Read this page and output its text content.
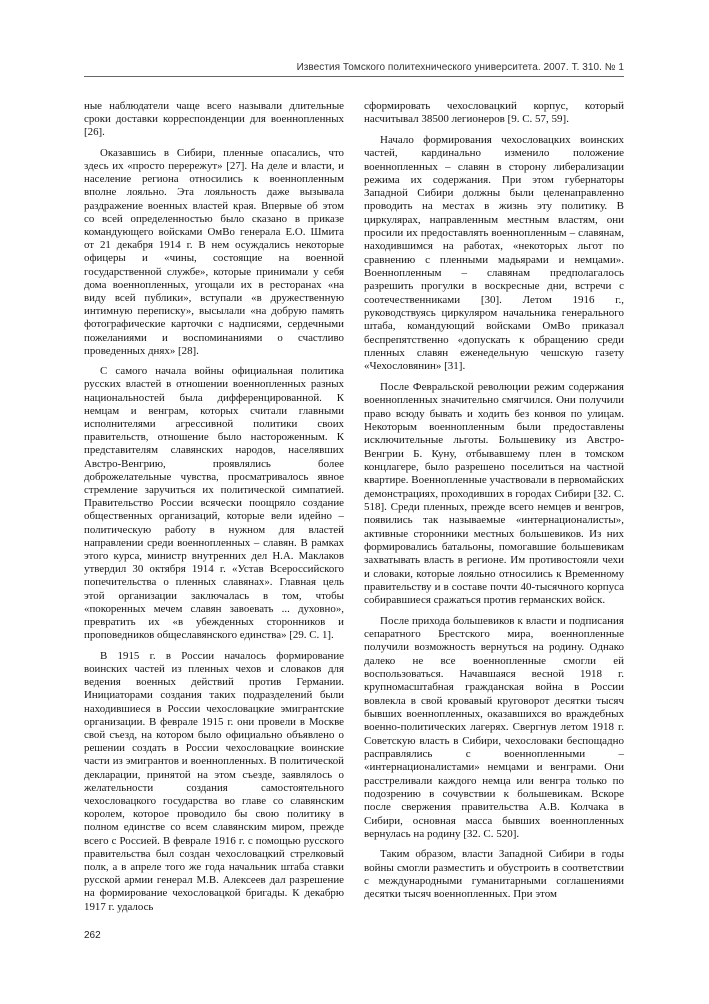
Известия Томского политехнического университета. 2007. Т. 310. № 1

ные наблюдатели чаще всего называли длительные сроки доставки корреспонденции для военнопленных [26].

Оказавшись в Сибири, пленные опасались, что здесь их «просто перережут» [27]. На деле и власти, и население региона относились к военнопленным вполне лояльно. Эта лояльность даже вызывала раздражение военных властей края. Впервые об этом со всей определенностью было сказано в приказе командующего войсками ОмВо генерала Е.О. Шмита от 21 декабря 1914 г. В нем осуждались некоторые офицеры и «чины, состоящие на военной государственной службе», которые принимали у себя дома военнопленных, угощали их в ресторанах «на виду всей публики», вступали «в дружественную интимную переписку», высылали «на добрую память фотографические карточки с надписями, сердечными пожеланиями и воспоминаниями о счастливо проведенных днях» [28].

С самого начала войны официальная политика русских властей в отношении военнопленных разных национальностей была дифференцированной. К немцам и венграм, которых считали главными исполнителями агрессивной политики своих правительств, отношение было настороженным. К представителям славянских народов, населявших Австро-Венгрию, проявлялись более доброжелательные чувства, просматривалось явное стремление заручиться их политической симпатией. Правительство России всячески поощряло создание общественных организаций, которые вели идейно – политическую работу в нужном для властей направлении среди военнопленных – славян. В рамках этого курса, министр внутренних дел Н.А. Маклаков утвердил 30 октября 1914 г. «Устав Всероссийского попечительства о пленных славянах». Главная цель этой организации заключалась в том, чтобы «покоренных мечем славян завоевать ... духовно», превратить их «в убежденных сторонников и проповедников общеславянского единства» [29. С. 1].

В 1915 г. в России началось формирование воинских частей из пленных чехов и словаков для ведения военных действий против Германии. Инициаторами создания таких подразделений были находившиеся в России чехословацкие эмигрантские организации. В феврале 1915 г. они провели в Москве свой съезд, на котором было официально объявлено о решении создать в России чехословацкие воинские части из эмигрантов и военнопленных. В политической декларации, принятой на этом съезде, заявлялось о желательности создания самостоятельного чехословацкого государства во главе со славянским королем, которое проводило бы свою политику в полном единстве со всем славянским миром, прежде всего с Россией. В феврале 1916 г. с помощью русского правительства был создан чехословацкий стрелковый полк, а в апреле того же года начальник штаба ставки русской армии генерал М.В. Алексеев дал разрешение на формирование чехословацкой бригады. К декабрю 1917 г. удалось

сформировать чехословацкий корпус, который насчитывал 38500 легионеров [9. С. 57, 59].

Начало формирования чехословацких воинских частей, кардинально изменило положение военнопленных – славян в сторону либерализации режима их содержания. При этом губернаторы Западной Сибири должны были целенаправленно проводить на местах в жизнь эту политику. В циркулярах, направленным местным властям, они просили их предоставлять военнопленным – славянам, находившимся на работах, «некоторых льгот по сравнению с пленными мадьярами и немцами». Военнопленным – славянам предполагалось разрешить прогулки в воскресные дни, встречи с соотечественниками [30]. Летом 1916 г., руководствуясь циркуляром начальника генерального штаба, командующий войсками ОмВо приказал беспрепятственно «допускать к обращению среди пленных славян еженедельную чешскую газету «Чехословянин» [31].

После Февральской революции режим содержания военнопленных значительно смягчился. Они получили право всюду бывать и ходить без конвоя по улицам. Некоторым военнопленным были предоставлены исключительные льготы. Большевику из Австро-Венгрии Б. Куну, отбывавшему плен в томском концлагере, было разрешено поселиться на частной квартире. Военнопленные участвовали в первомайских демонстрациях, проходивших в городах Сибири [32. С. 518]. Среди пленных, прежде всего немцев и венгров, появились так называемые «интернационалисты», активные сторонники местных большевиков. Из них формировались батальоны, помогавшие большевикам захватывать власть в регионе. Им противостояли чехи и словаки, которые лояльно относились к Временному правительству и в составе почти 40-тысячного корпуса собиравшиеся сражаться против германских войск.

После прихода большевиков к власти и подписания сепаратного Брестского мира, военнопленные получили возможность вернуться на родину. Однако далеко не все военнопленные смогли ей воспользоваться. Начавшаяся весной 1918 г. крупномасштабная гражданская война в России вовлекла в свой кровавый круговорот десятки тысяч бывших военнопленных, оказавшихся во враждебных военно-политических лагерях. Свергнув летом 1918 г. Советскую власть в Сибири, чехословаки беспощадно расправлялись с военнопленными – «интернационалистами» немцами и венграми. Они расстреливали каждого немца или венгра только по подозрению в сочувствии к большевикам. Вскоре после свержения правительства А.В. Колчака в Сибири, основная масса бывших военнопленных вернулась на родину [32. С. 520].

Таким образом, власти Западной Сибири в годы войны смогли разместить и обустроить в соответствии с международными гуманитарными соглашениями десятки тысяч военнопленных. При этом

262
